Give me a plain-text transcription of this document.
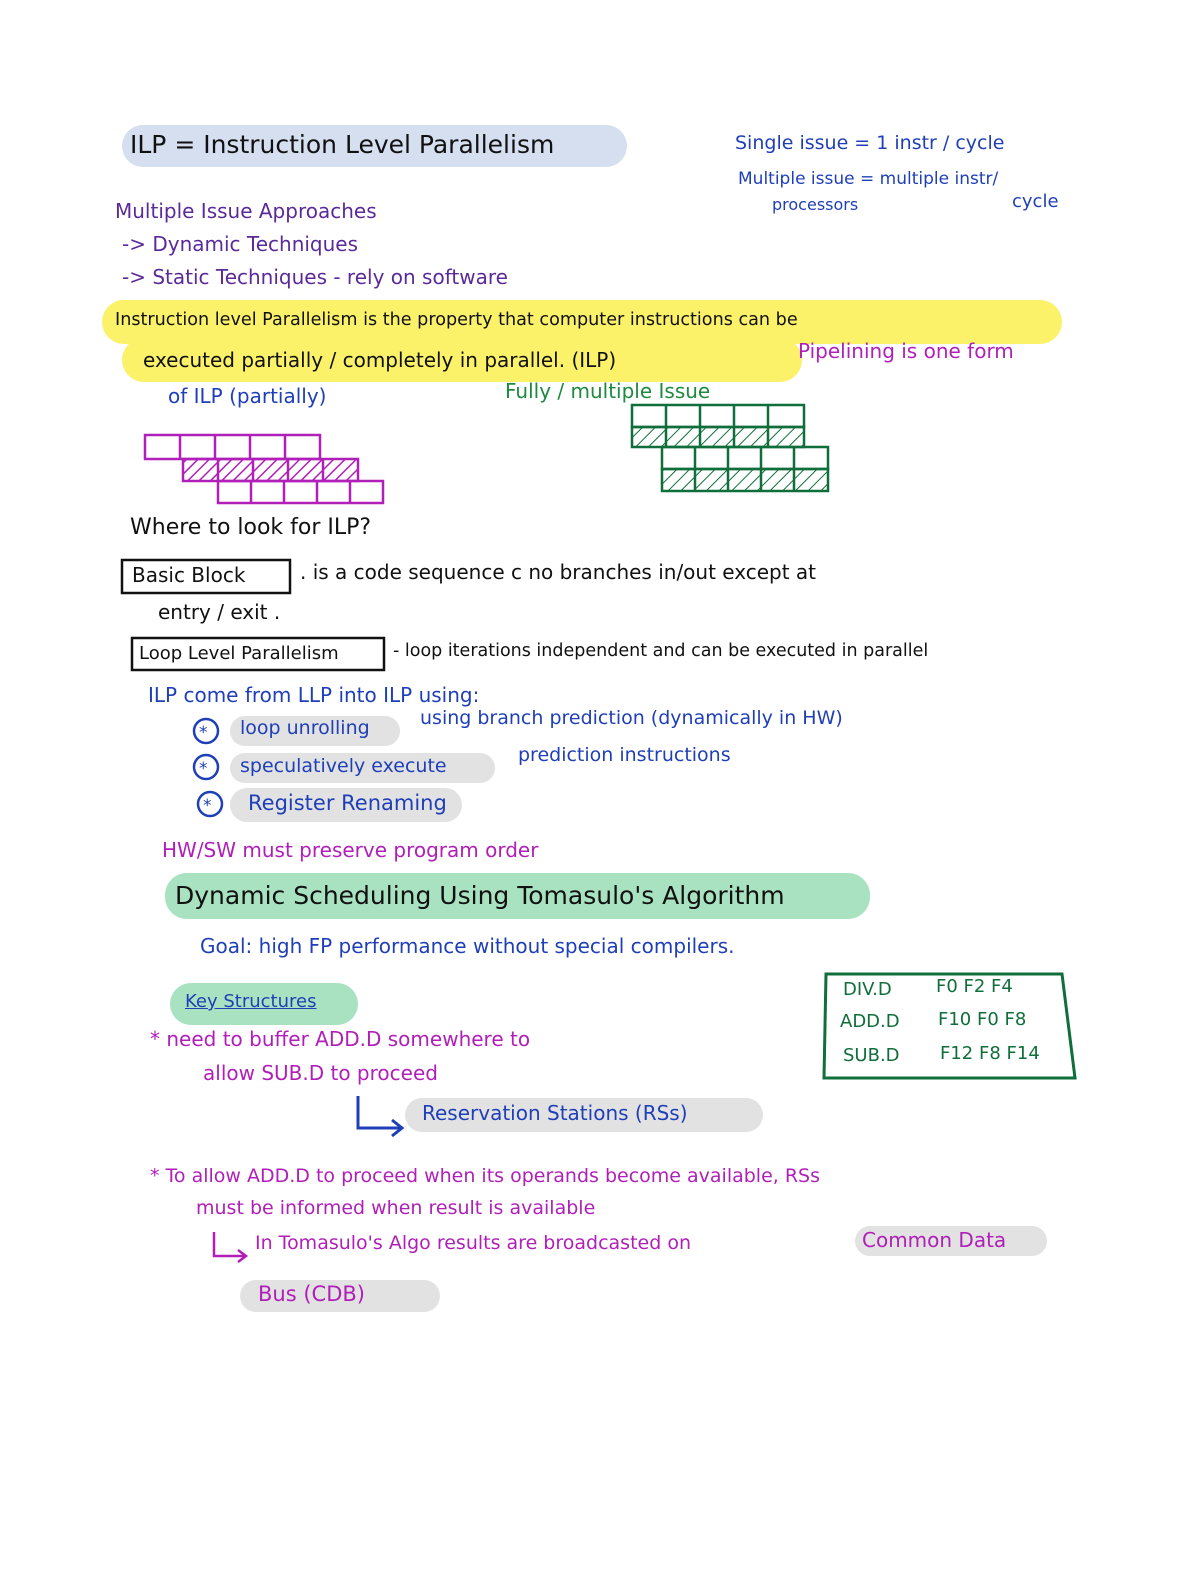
ILP = Instruction Level Parallelism	Single issue = 1 instr / cycle
Multiple issue = multiple instr/
processors	cycle
Multiple Issue Approaches
-> Dynamic Techniques
-> Static Techniques - rely on software
Instruction level Parallelism is the property that computer instructions can be
executed partially / completely in parallel. (ILP)	Pipelining is one form
of ILP (partially)	Fully / multiple Issue
*
*
*
Where to look for ILP?
Basic Block	. is a code sequence c no branches in/out except at
entry / exit .
Loop Level Parallelism	- loop iterations independent and can be executed in parallel
ILP come from LLP into ILP using:
loop unrolling	using branch prediction (dynamically in HW)
speculatively execute	prediction instructions
Register Renaming
HW/SW must preserve program order
Dynamic Scheduling Using Tomasulo's Algorithm
Goal: high FP performance without special compilers.
Key Structures
* need to buffer ADD.D somewhere to
allow SUB.D to proceed
Reservation Stations (RSs)
* To allow ADD.D to proceed when its operands become available, RSs
must be informed when result is available
In Tomasulo's Algo results are broadcasted on	Common Data
Bus (CDB)
DIV.D F0 F2 F4
ADD.D F10 F0 F8
SUB.D F12 F8 F14
